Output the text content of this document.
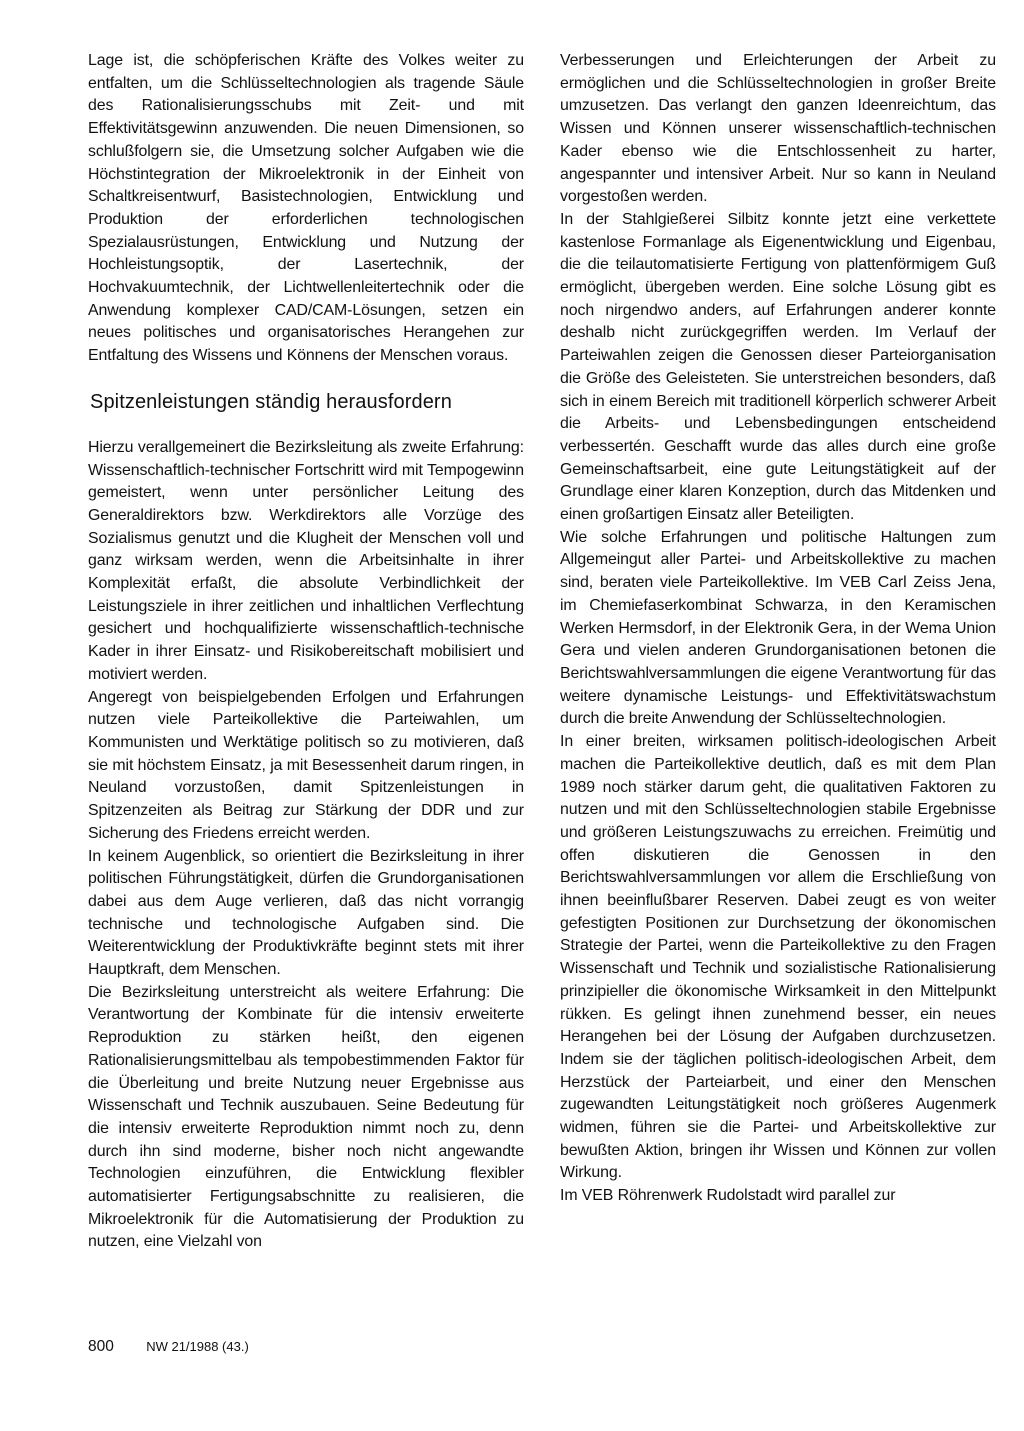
Lage ist, die schöpferischen Kräfte des Volkes weiter zu entfalten, um die Schlüsseltechnologien als tragende Säule des Rationalisierungsschubs mit Zeit- und mit Effektivitätsgewinn anzuwenden. Die neuen Dimensionen, so schlußfolgern sie, die Umsetzung solcher Aufgaben wie die Höchstintegration der Mikroelektronik in der Einheit von Schaltkreisentwurf, Basistechnologien, Entwicklung und Produktion der erforderlichen technologischen Spezialausrüstungen, Entwicklung und Nutzung der Hochleistungsoptik, der Lasertechnik, der Hochvakuumtechnik, der Lichtwellenleitertechnik oder die Anwendung komplexer CAD/CAM-Lösungen, setzen ein neues politisches und organisatorisches Herangehen zur Entfaltung des Wissens und Könnens der Menschen voraus.

Spitzenleistungen ständig herausfordern

Hierzu verallgemeinert die Bezirksleitung als zweite Erfahrung: Wissenschaftlich-technischer Fortschritt wird mit Tempogewinn gemeistert, wenn unter persönlicher Leitung des Generaldirektors bzw. Werkdirektors alle Vorzüge des Sozialismus genutzt und die Klugheit der Menschen voll und ganz wirksam werden, wenn die Arbeitsinhalte in ihrer Komplexität erfaßt, die absolute Verbindlichkeit der Leistungsziele in ihrer zeitlichen und inhaltlichen Verflechtung gesichert und hochqualifizierte wissenschaftlich-technische Kader in ihrer Einsatz- und Risikobereitschaft mobilisiert und motiviert werden.

Angeregt von beispielgebenden Erfolgen und Erfahrungen nutzen viele Parteikollektive die Parteiwahlen, um Kommunisten und Werktätige politisch so zu motivieren, daß sie mit höchstem Einsatz, ja mit Besessenheit darum ringen, in Neuland vorzustoßen, damit Spitzenleistungen in Spitzenzeiten als Beitrag zur Stärkung der DDR und zur Sicherung des Friedens erreicht werden.

In keinem Augenblick, so orientiert die Bezirksleitung in ihrer politischen Führungstätigkeit, dürfen die Grundorganisationen dabei aus dem Auge verlieren, daß das nicht vorrangig technische und technologische Aufgaben sind. Die Weiterentwicklung der Produktivkräfte beginnt stets mit ihrer Hauptkraft, dem Menschen.

Die Bezirksleitung unterstreicht als weitere Erfahrung: Die Verantwortung der Kombinate für die intensiv erweiterte Reproduktion zu stärken heißt, den eigenen Rationalisierungsmittelbau als tempobestimmenden Faktor für die Überleitung und breite Nutzung neuer Ergebnisse aus Wissenschaft und Technik auszubauen. Seine Bedeutung für die intensiv erweiterte Reproduktion nimmt noch zu, denn durch ihn sind moderne, bisher noch nicht angewandte Technologien einzuführen, die Entwicklung flexibler automatisierter Fertigungsabschnitte zu realisieren, die Mikroelektronik für die Automatisierung der Produktion zu nutzen, eine Vielzahl von

Verbesserungen und Erleichterungen der Arbeit zu ermöglichen und die Schlüsseltechnologien in großer Breite umzusetzen. Das verlangt den ganzen Ideenreichtum, das Wissen und Können unserer wissenschaftlich-technischen Kader ebenso wie die Entschlossenheit zu harter, angespannter und intensiver Arbeit. Nur so kann in Neuland vorgestoßen werden.

In der Stahlgießerei Silbitz konnte jetzt eine verkettete kastenlose Formanlage als Eigenentwicklung und Eigenbau, die die teilautomatisierte Fertigung von plattenförmigem Guß ermöglicht, übergeben werden. Eine solche Lösung gibt es noch nirgendwo anders, auf Erfahrungen anderer konnte deshalb nicht zurückgegriffen werden. Im Verlauf der Parteiwahlen zeigen die Genossen dieser Parteiorganisation die Größe des Geleisteten. Sie unterstreichen besonders, daß sich in einem Bereich mit traditionell körperlich schwerer Arbeit die Arbeits- und Lebensbedingungen entscheidend verbessertén. Geschafft wurde das alles durch eine große Gemeinschaftsarbeit, eine gute Leitungstätigkeit auf der Grundlage einer klaren Konzeption, durch das Mitdenken und einen großartigen Einsatz aller Beteiligten.

Wie solche Erfahrungen und politische Haltungen zum Allgemeingut aller Partei- und Arbeitskollektive zu machen sind, beraten viele Parteikollektive. Im VEB Carl Zeiss Jena, im Chemiefaserkombinat Schwarza, in den Keramischen Werken Hermsdorf, in der Elektronik Gera, in der Wema Union Gera und vielen anderen Grundorganisationen betonen die Berichtswahlversammlungen die eigene Verantwortung für das weitere dynamische Leistungs- und Effektivitätswachstum durch die breite Anwendung der Schlüsseltechnologien.

In einer breiten, wirksamen politisch-ideologischen Arbeit machen die Parteikollektive deutlich, daß es mit dem Plan 1989 noch stärker darum geht, die qualitativen Faktoren zu nutzen und mit den Schlüsseltechnologien stabile Ergebnisse und größeren Leistungszuwachs zu erreichen. Freimütig und offen diskutieren die Genossen in den Berichtswahlversammlungen vor allem die Erschließung von ihnen beeinflußbarer Reserven. Dabei zeugt es von weiter gefestigten Positionen zur Durchsetzung der ökonomischen Strategie der Partei, wenn die Parteikollektive zu den Fragen Wissenschaft und Technik und sozialistische Rationalisierung prinzipieller die ökonomische Wirksamkeit in den Mittelpunkt rükken. Es gelingt ihnen zunehmend besser, ein neues Herangehen bei der Lösung der Aufgaben durchzusetzen. Indem sie der täglichen politisch-ideologischen Arbeit, dem Herzstück der Parteiarbeit, und einer den Menschen zugewandten Leitungstätigkeit noch größeres Augenmerk widmen, führen sie die Partei- und Arbeitskollektive zur bewußten Aktion, bringen ihr Wissen und Können zur vollen Wirkung.

Im VEB Röhrenwerk Rudolstadt wird parallel zur

800 NW 21/1988 (43.)
